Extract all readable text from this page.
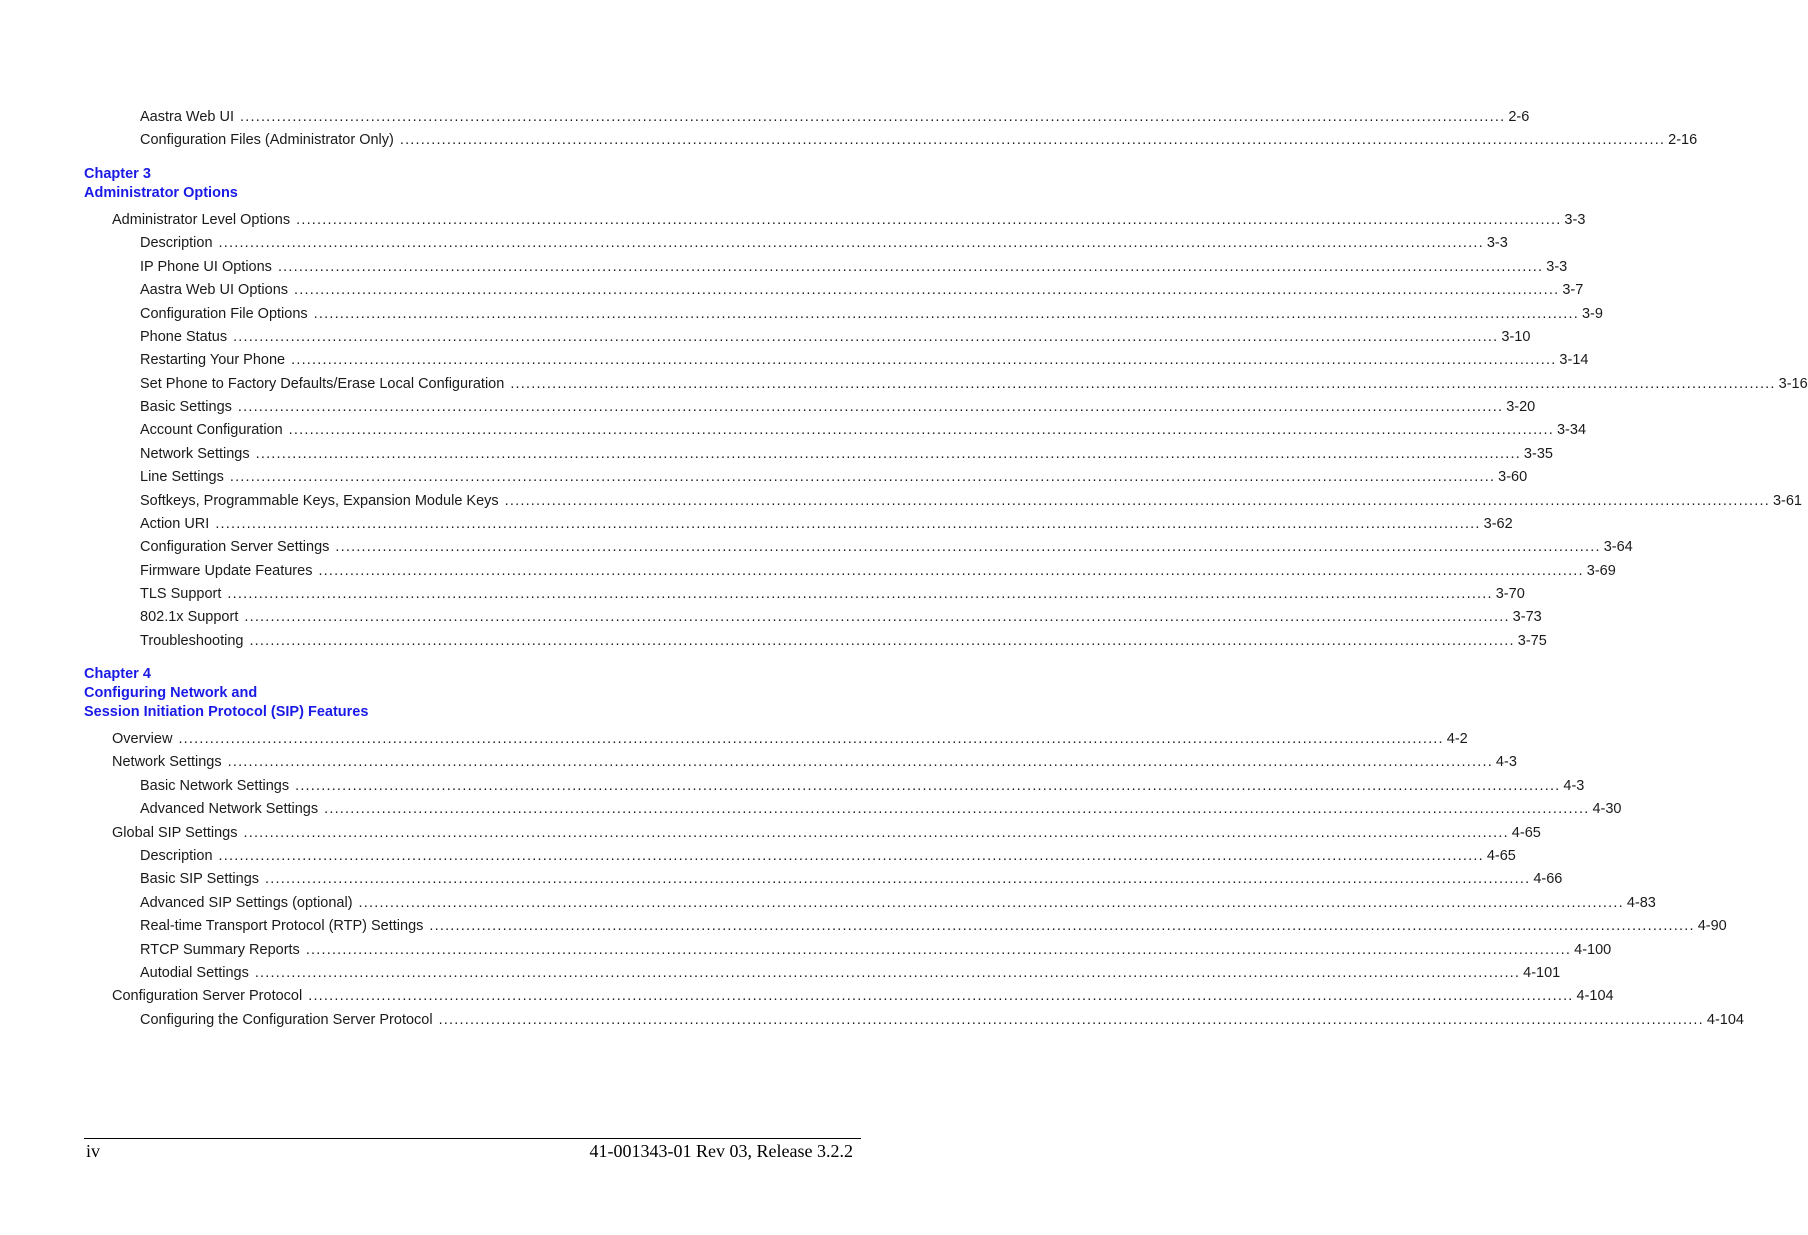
Aastra Web UI .................................................................................................................................................................................................................................................. 2-6
Configuration Files (Administrator Only) .................................................................................................................................................................................................................................................. 2-16
Chapter 3
Administrator Options
Administrator Level Options .................................................................................................................................................................................................................................................. 3-3
Description .................................................................................................................................................................................................................................................. 3-3
IP Phone UI Options .................................................................................................................................................................................................................................................. 3-3
Aastra Web UI Options .................................................................................................................................................................................................................................................. 3-7
Configuration File Options .................................................................................................................................................................................................................................................. 3-9
Phone Status .................................................................................................................................................................................................................................................. 3-10
Restarting Your Phone .................................................................................................................................................................................................................................................. 3-14
Set Phone to Factory Defaults/Erase Local Configuration .................................................................................................................................................................................................................................................. 3-16
Basic Settings .................................................................................................................................................................................................................................................. 3-20
Account Configuration .................................................................................................................................................................................................................................................. 3-34
Network Settings .................................................................................................................................................................................................................................................. 3-35
Line Settings .................................................................................................................................................................................................................................................. 3-60
Softkeys, Programmable Keys, Expansion Module Keys .................................................................................................................................................................................................................................................. 3-61
Action URI .................................................................................................................................................................................................................................................. 3-62
Configuration Server Settings .................................................................................................................................................................................................................................................. 3-64
Firmware Update Features .................................................................................................................................................................................................................................................. 3-69
TLS Support .................................................................................................................................................................................................................................................. 3-70
802.1x Support .................................................................................................................................................................................................................................................. 3-73
Troubleshooting .................................................................................................................................................................................................................................................. 3-75
Chapter 4
Configuring Network and
Session Initiation Protocol (SIP) Features
Overview .................................................................................................................................................................................................................................................. 4-2
Network Settings .................................................................................................................................................................................................................................................. 4-3
Basic Network Settings .................................................................................................................................................................................................................................................. 4-3
Advanced Network Settings .................................................................................................................................................................................................................................................. 4-30
Global SIP Settings .................................................................................................................................................................................................................................................. 4-65
Description .................................................................................................................................................................................................................................................. 4-65
Basic SIP Settings .................................................................................................................................................................................................................................................. 4-66
Advanced SIP Settings (optional) .................................................................................................................................................................................................................................................. 4-83
Real-time Transport Protocol (RTP) Settings .................................................................................................................................................................................................................................................. 4-90
RTCP Summary Reports .................................................................................................................................................................................................................................................. 4-100
Autodial Settings .................................................................................................................................................................................................................................................. 4-101
Configuration Server Protocol .................................................................................................................................................................................................................................................. 4-104
Configuring the Configuration Server Protocol .................................................................................................................................................................................................................................................. 4-104
iv	41-001343-01 Rev 03, Release 3.2.2
